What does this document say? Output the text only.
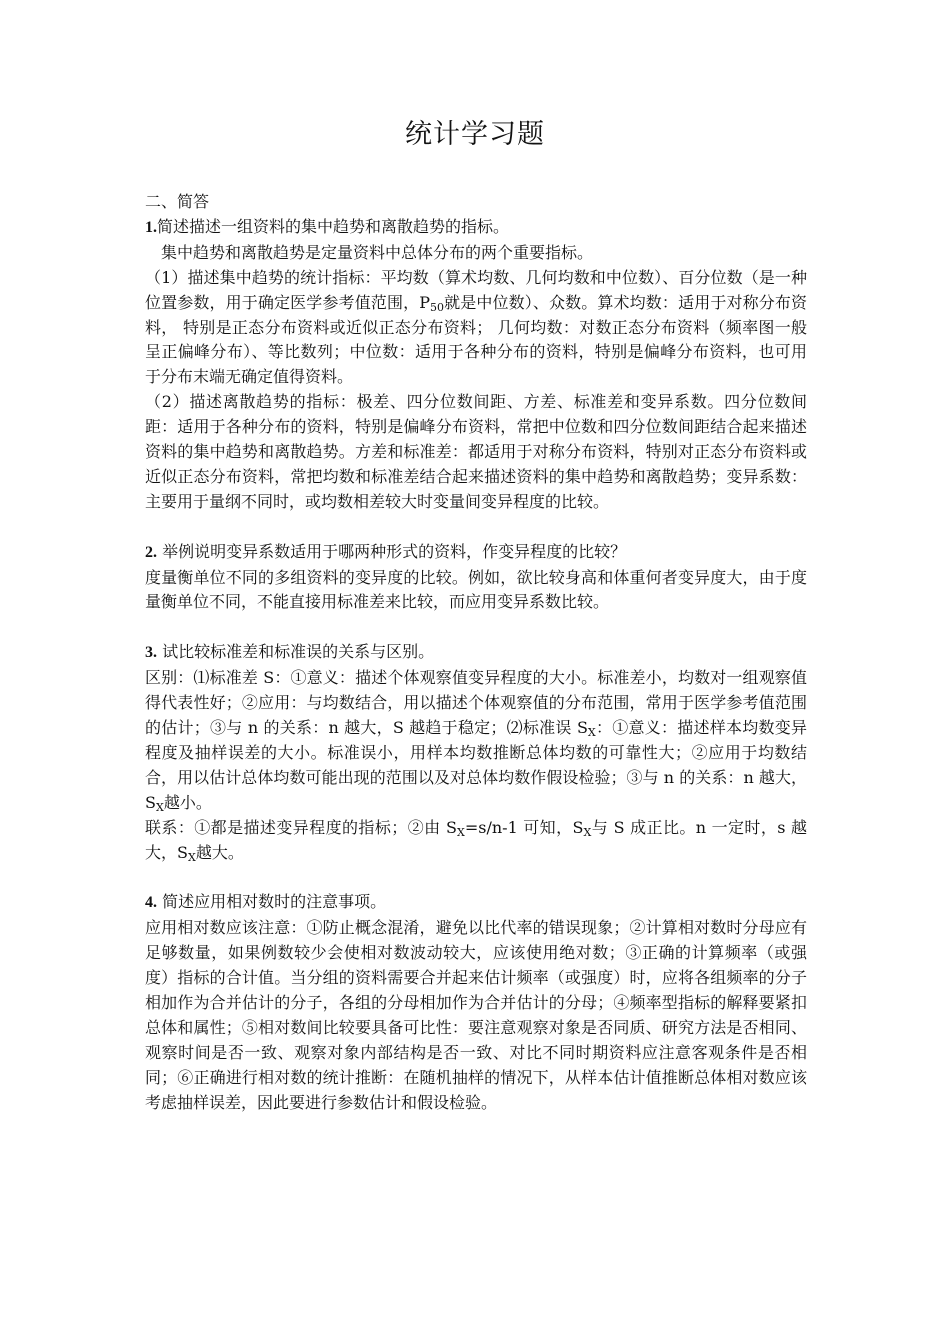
统计学习题

二、简答

1.简述描述一组资料的集中趋势和离散趋势的指标。

集中趋势和离散趋势是定量资料中总体分布的两个重要指标。

（1）描述集中趋势的统计指标：平均数（算术均数、几何均数和中位数）、百分位数（是一种位置参数，用于确定医学参考值范围，$P_{50}$就是中位数）、众数。算术均数：适用于对称分布资料， 特别是正态分布资料或近似正态分布资料； 几何均数：对数正态分布资料（频率图一般呈正偏峰分布）、等比数列；中位数：适用于各种分布的资料，特别是偏峰分布资料，也可用于分布末端无确定值得资料。

（2）描述离散趋势的指标：极差、四分位数间距、方差、标准差和变异系数。四分位数间距：适用于各种分布的资料，特别是偏峰分布资料，常把中位数和四分位数间距结合起来描述资料的集中趋势和离散趋势。方差和标准差：都适用于对称分布资料，特别对正态分布资料或近似正态分布资料，常把均数和标准差结合起来描述资料的集中趋势和离散趋势；变异系数：主要用于量纲不同时，或均数相差较大时变量间变异程度的比较。

2. 举例说明变异系数适用于哪两种形式的资料，作变异程度的比较？

度量衡单位不同的多组资料的变异度的比较。例如，欲比较身高和体重何者变异度大，由于度量衡单位不同，不能直接用标准差来比较，而应用变异系数比较。

3. 试比较标准差和标准误的关系与区别。

区别：⑴标准差 S：①意义：描述个体观察值变异程度的大小。标准差小，均数对一组观察值得代表性好；②应用：与均数结合，用以描述个体观察值的分布范围，常用于医学参考值范围的估计；③与 n 的关系：n 越大，S 越趋于稳定；⑵标准误 $S_X$：①意义：描述样本均数变异程度及抽样误差的大小。标准误小，用样本均数推断总体均数的可靠性大；②应用于均数结合，用以估计总体均数可能出现的范围以及对总体均数作假设检验；③与 n 的关系：n 越大，$S_X$越小。

联系：①都是描述变异程度的指标；②由 $S_X=s/n-1$ 可知，$S_X$与 S 成正比。n 一定时，s 越大，$S_X$越大。

4. 简述应用相对数时的注意事项。

应用相对数应该注意：①防止概念混淆，避免以比代率的错误现象；②计算相对数时分母应有足够数量，如果例数较少会使相对数波动较大，应该使用绝对数；③正确的计算频率（或强度）指标的合计值。当分组的资料需要合并起来估计频率（或强度）时，应将各组频率的分子相加作为合并估计的分子，各组的分母相加作为合并估计的分母；④频率型指标的解释要紧扣总体和属性；⑤相对数间比较要具备可比性：要注意观察对象是否同质、研究方法是否相同、观察时间是否一致、观察对象内部结构是否一致、对比不同时期资料应注意客观条件是否相同；⑥正确进行相对数的统计推断：在随机抽样的情况下，从样本估计值推断总体相对数应该考虑抽样误差，因此要进行参数估计和假设检验。
